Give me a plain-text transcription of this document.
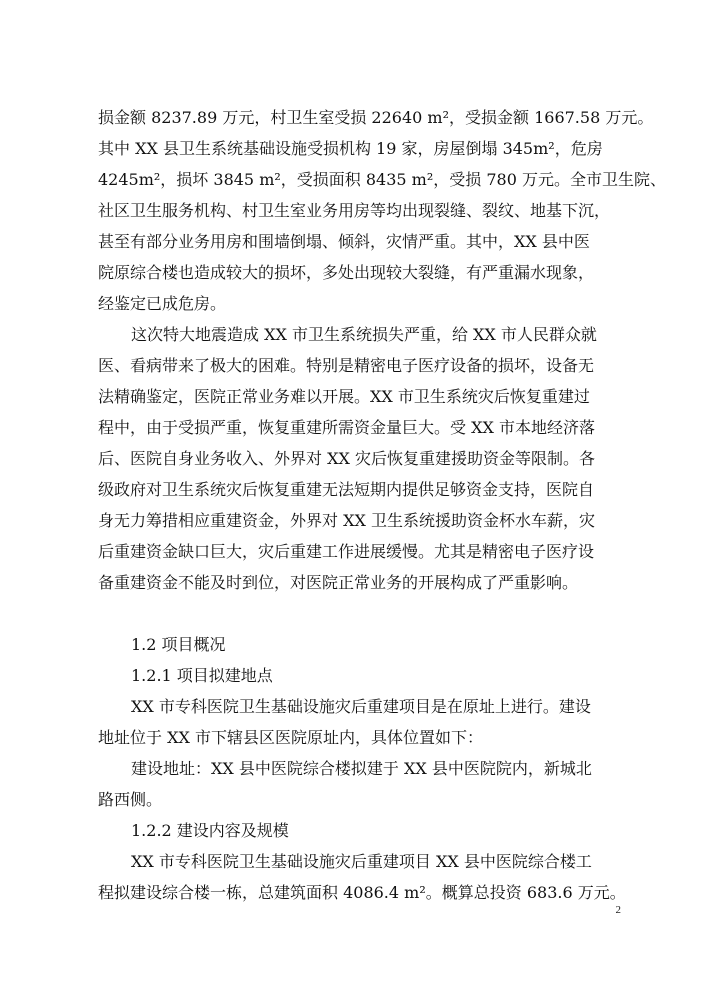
损金额 8237.89 万元，村卫生室受损 22640 m²，受损金额 1667.58 万元。
其中 XX 县卫生系统基础设施受损机构 19 家，房屋倒塌 345m²，危房
4245m²，损坏 3845 m²，受损面积 8435 m²，受损 780 万元。全市卫生院、
社区卫生服务机构、村卫生室业务用房等均出现裂缝、裂纹、地基下沉，
甚至有部分业务用房和围墙倒塌、倾斜，灾情严重。其中，XX 县中医
院原综合楼也造成较大的损坏，多处出现较大裂缝，有严重漏水现象，
经鉴定已成危房。
这次特大地震造成 XX 市卫生系统损失严重，给 XX 市人民群众就
医、看病带来了极大的困难。特别是精密电子医疗设备的损坏，设备无
法精确鉴定，医院正常业务难以开展。XX 市卫生系统灾后恢复重建过
程中，由于受损严重，恢复重建所需资金量巨大。受 XX 市本地经济落
后、医院自身业务收入、外界对 XX 灾后恢复重建援助资金等限制。各
级政府对卫生系统灾后恢复重建无法短期内提供足够资金支持，医院自
身无力筹措相应重建资金，外界对 XX 卫生系统援助资金杯水车薪，灾
后重建资金缺口巨大，灾后重建工作进展缓慢。尤其是精密电子医疗设
备重建资金不能及时到位，对医院正常业务的开展构成了严重影响。
1.2 项目概况
1.2.1 项目拟建地点
XX 市专科医院卫生基础设施灾后重建项目是在原址上进行。建设
地址位于 XX 市下辖县区医院原址内，具体位置如下：
建设地址：XX 县中医院综合楼拟建于 XX 县中医院院内，新城北
路西侧。
1.2.2 建设内容及规模
XX 市专科医院卫生基础设施灾后重建项目 XX 县中医院综合楼工
程拟建设综合楼一栋，总建筑面积 4086.4 m²。概算总投资 683.6 万元。
2
